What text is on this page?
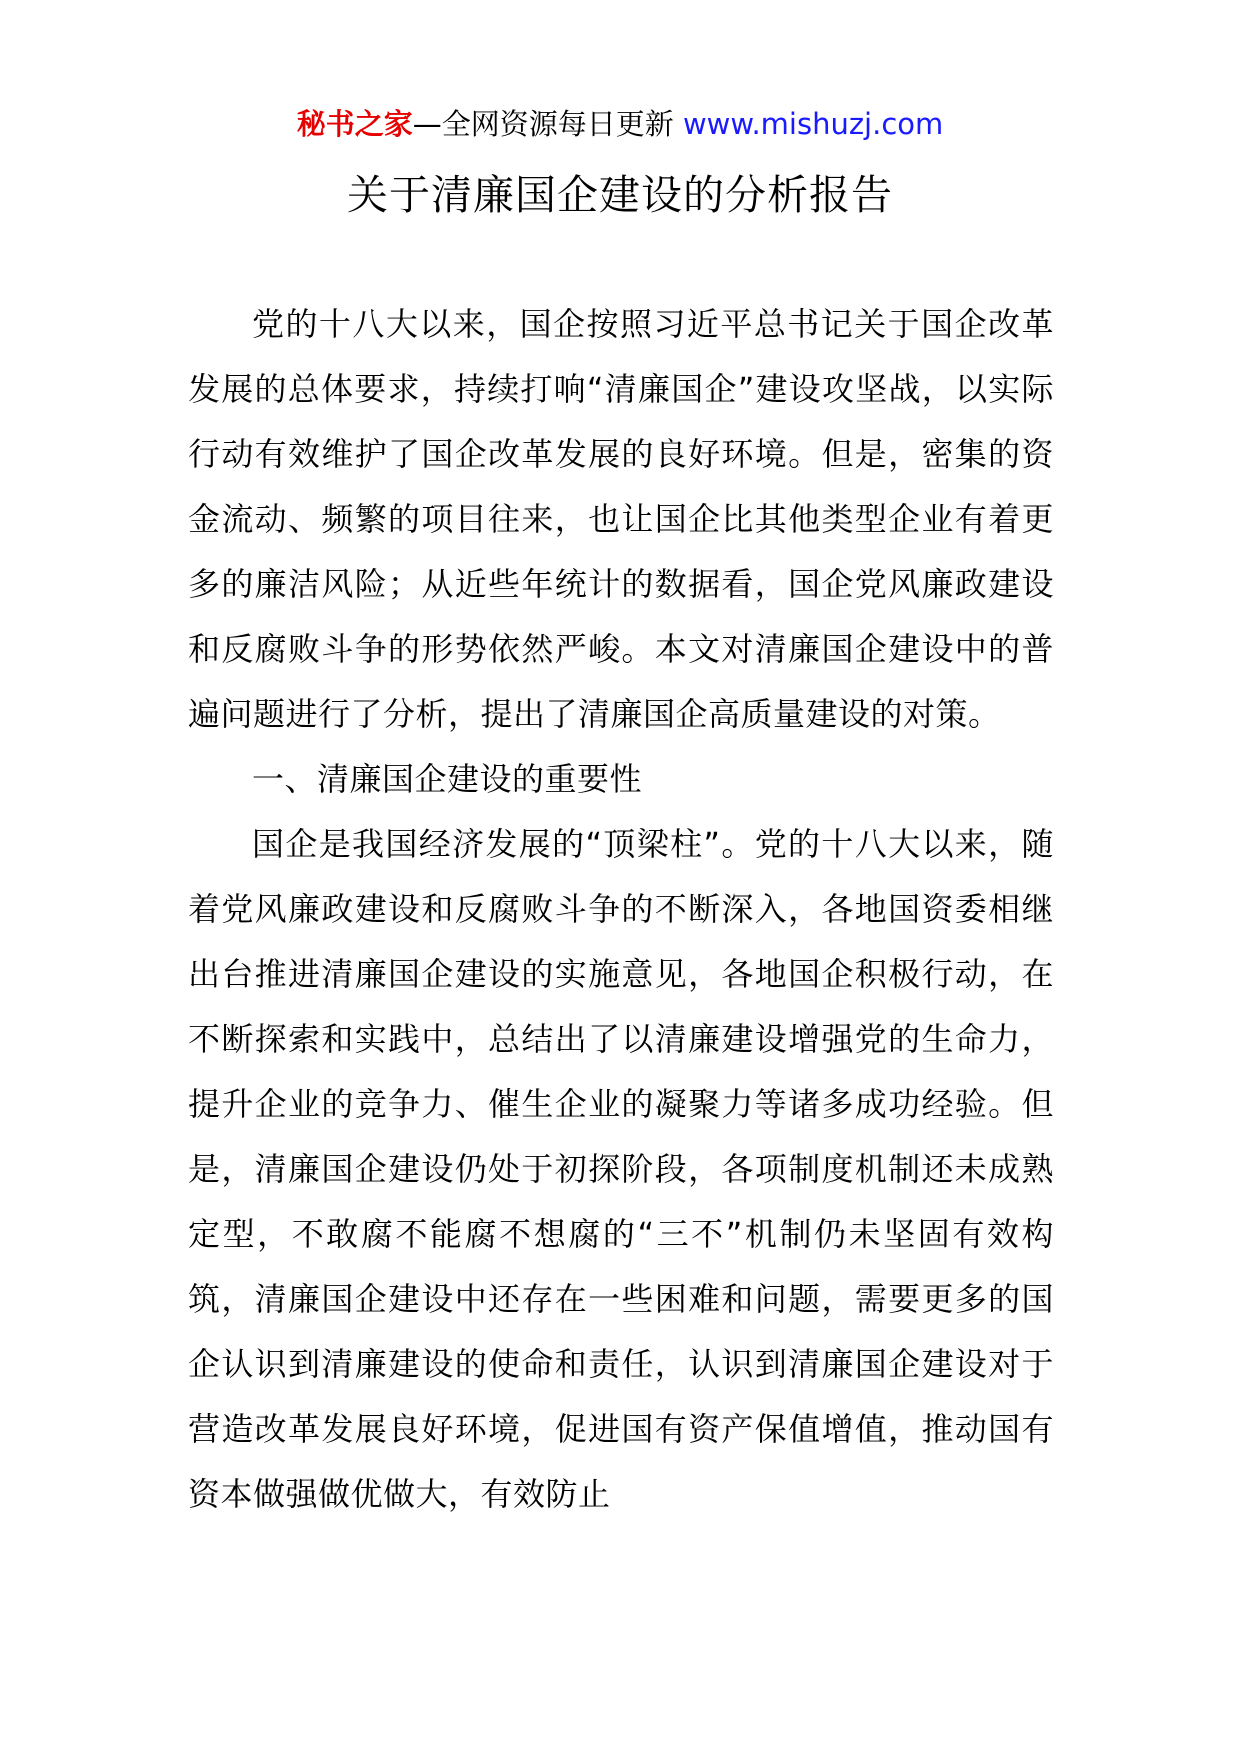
秘书之家—全网资源每日更新 www.mishuzj.com
关于清廉国企建设的分析报告

党的十八大以来，国企按照习近平总书记关于国企改革发展的总体要求，持续打响“清廉国企”建设攻坚战，以实际行动有效维护了国企改革发展的良好环境。但是，密集的资金流动、频繁的项目往来，也让国企比其他类型企业有着更多的廉洁风险；从近些年统计的数据看，国企党风廉政建设和反腐败斗争的形势依然严峻。本文对清廉国企建设中的普遍问题进行了分析，提出了清廉国企高质量建设的对策。

一、清廉国企建设的重要性

国企是我国经济发展的“顶梁柱”。党的十八大以来，随着党风廉政建设和反腐败斗争的不断深入，各地国资委相继出台推进清廉国企建设的实施意见，各地国企积极行动，在不断探索和实践中，总结出了以清廉建设增强党的生命力，提升企业的竞争力、催生企业的凝聚力等诸多成功经验。但是，清廉国企建设仍处于初探阶段，各项制度机制还未成熟定型，不敢腐不能腐不想腐的“三不”机制仍未坚固有效构筑，清廉国企建设中还存在一些困难和问题，需要更多的国企认识到清廉建设的使命和责任，认识到清廉国企建设对于营造改革发展良好环境，促进国有资产保值增值，推动国有资本做强做优做大，有效防止
